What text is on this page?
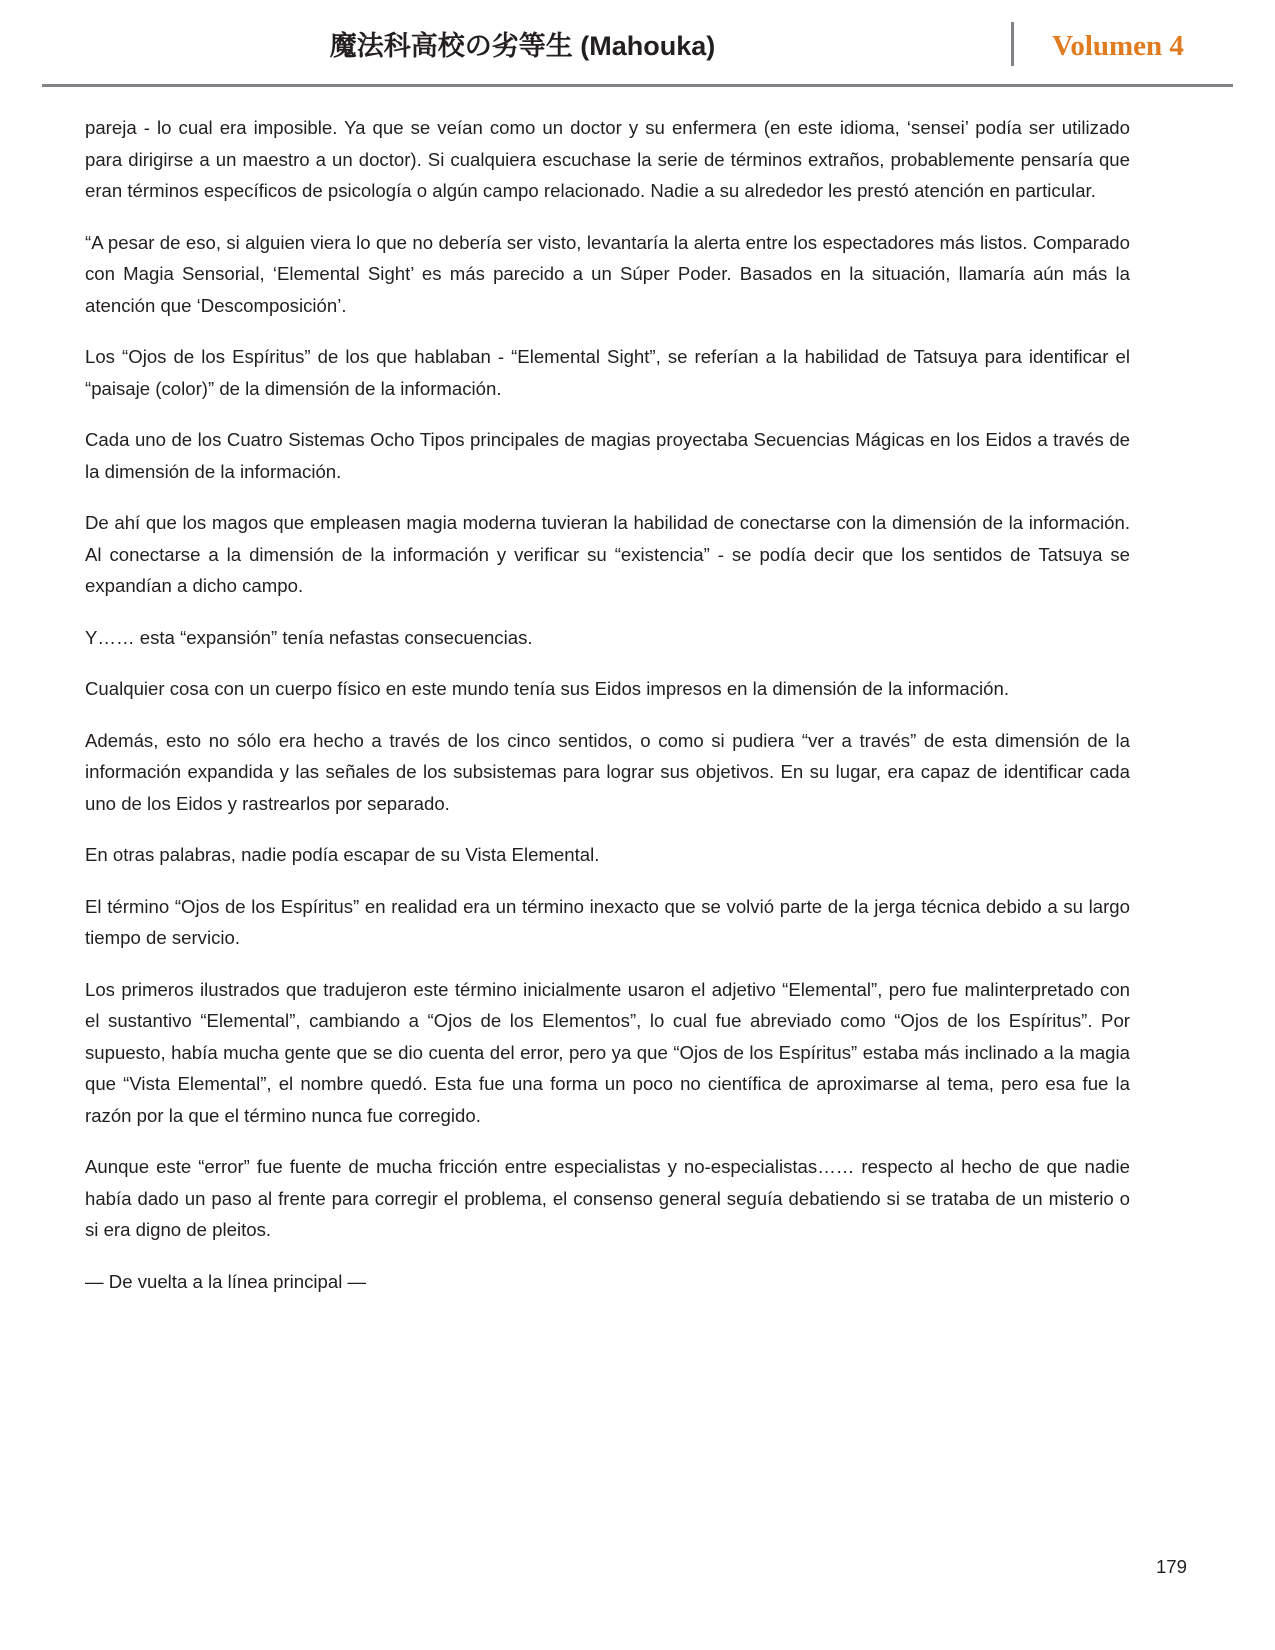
魔法科高校の劣等生 (Mahouka)	Volumen 4

pareja - lo cual era imposible. Ya que se veían como un doctor y su enfermera (en este idioma, ‘sensei’ podía ser utilizado para dirigirse a un maestro a un doctor). Si cualquiera escuchase la serie de términos extraños, probablemente pensaría que eran términos específicos de psicología o algún campo relacionado. Nadie a su alrededor les prestó atención en particular.

“A pesar de eso, si alguien viera lo que no debería ser visto, levantaría la alerta entre los espectadores más listos. Comparado con Magia Sensorial, ‘Elemental Sight’ es más parecido a un Súper Poder. Basados en la situación, llamaría aún más la atención que ‘Descomposición’.

Los “Ojos de los Espíritus” de los que hablaban - “Elemental Sight”, se referían a la habilidad de Tatsuya para identificar el “paisaje (color)” de la dimensión de la información.

Cada uno de los Cuatro Sistemas Ocho Tipos principales de magias proyectaba Secuencias Mágicas en los Eidos a través de la dimensión de la información.

De ahí que los magos que empleasen magia moderna tuvieran la habilidad de conectarse con la dimensión de la información. Al conectarse a la dimensión de la información y verificar su “existencia” - se podía decir que los sentidos de Tatsuya se expandían a dicho campo.

Y…… esta “expansión” tenía nefastas consecuencias.

Cualquier cosa con un cuerpo físico en este mundo tenía sus Eidos impresos en la dimensión de la información.

Además, esto no sólo era hecho a través de los cinco sentidos, o como si pudiera “ver a través” de esta dimensión de la información expandida y las señales de los subsistemas para lograr sus objetivos. En su lugar, era capaz de identificar cada uno de los Eidos y rastrearlos por separado.

En otras palabras, nadie podía escapar de su Vista Elemental.

El término “Ojos de los Espíritus” en realidad era un término inexacto que se volvió parte de la jerga técnica debido a su largo tiempo de servicio.

Los primeros ilustrados que tradujeron este término inicialmente usaron el adjetivo “Elemental”, pero fue malinterpretado con el sustantivo “Elemental”, cambiando a “Ojos de los Elementos”, lo cual fue abreviado como “Ojos de los Espíritus”. Por supuesto, había mucha gente que se dio cuenta del error, pero ya que “Ojos de los Espíritus” estaba más inclinado a la magia que “Vista Elemental”, el nombre quedó. Esta fue una forma un poco no científica de aproximarse al tema, pero esa fue la razón por la que el término nunca fue corregido.

Aunque este “error” fue fuente de mucha fricción entre especialistas y no-especialistas…… respecto al hecho de que nadie había dado un paso al frente para corregir el problema, el consenso general seguía debatiendo si se trataba de un misterio o si era digno de pleitos.

— De vuelta a la línea principal —

179
